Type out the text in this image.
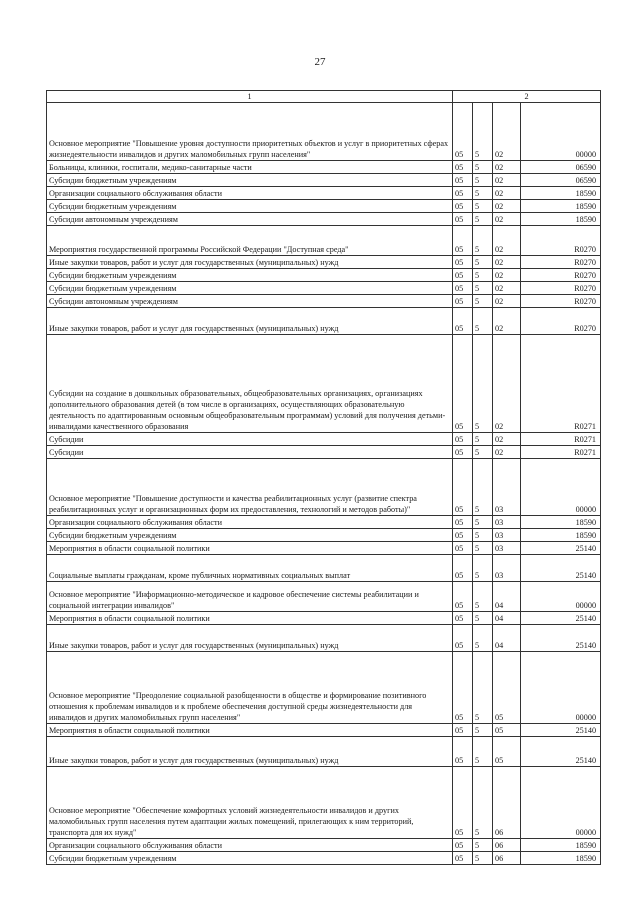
27
1	2			
Основное мероприятие "Повышение уровня доступности приоритетных объектов и услуг в приоритетных сферах жизнедеятельности инвалидов и других маломобильных групп населения"	05	5	02	00000
Больницы, клиники, госпитали, медико-санитарные части	05	5	02	06590
Субсидии бюджетным учреждениям	05	5	02	06590
Организации социального обслуживания области	05	5	02	18590
Субсидии бюджетным учреждениям	05	5	02	18590
Субсидии автономным учреждениям	05	5	02	18590
Мероприятия государственной программы Российской Федерации "Доступная среда"	05	5	02	R0270
Иные закупки товаров, работ и услуг для государственных (муниципальных) нужд	05	5	02	R0270
Субсидии бюджетным учреждениям	05	5	02	R0270
Субсидии бюджетным учреждениям	05	5	02	R0270
Субсидии автономным учреждениям	05	5	02	R0270
Иные закупки товаров, работ и услуг для государственных (муниципальных) нужд	05	5	02	R0270
Субсидии на создание в дошкольных образовательных, общеобразовательных организациях, организациях дополнительного образования детей (в том числе в организациях, осуществляющих образовательную деятельность по адаптированным основным общеобразовательным программам) условий для получения детьми-инвалидами качественного образования	05	5	02	R0271
Субсидии	05	5	02	R0271
Субсидии	05	5	02	R0271
Основное мероприятие "Повышение доступности и качества реабилитационных услуг (развитие спектра реабилитационных услуг и организационных форм их предоставления, технологий и методов работы)"	05	5	03	00000
Организации социального обслуживания области	05	5	03	18590
Субсидии бюджетным учреждениям	05	5	03	18590
Мероприятия в области социальной политики	05	5	03	25140
Социальные выплаты гражданам, кроме публичных нормативных социальных выплат	05	5	03	25140
Основное мероприятие "Информационно-методическое и кадровое обеспечение системы реабилитации и социальной интеграции инвалидов"	05	5	04	00000
Мероприятия в области социальной политики	05	5	04	25140
Иные закупки товаров, работ и услуг для государственных (муниципальных) нужд	05	5	04	25140
Основное мероприятие "Преодоление социальной разобщенности в обществе и формирование позитивного отношения к проблемам инвалидов и к проблеме обеспечения доступной среды жизнедеятельности для инвалидов и других маломобильных групп населения"	05	5	05	00000
Мероприятия в области социальной политики	05	5	05	25140
Иные закупки товаров, работ и услуг для государственных (муниципальных) нужд	05	5	05	25140
Основное мероприятие "Обеспечение комфортных условий жизнедеятельности инвалидов и других маломобильных групп населения путем адаптации жилых помещений, прилегающих к ним территорий, транспорта для их нужд"	05	5	06	00000
Организации социального обслуживания области	05	5	06	18590
Субсидии бюджетным учреждениям	05	5	06	18590
